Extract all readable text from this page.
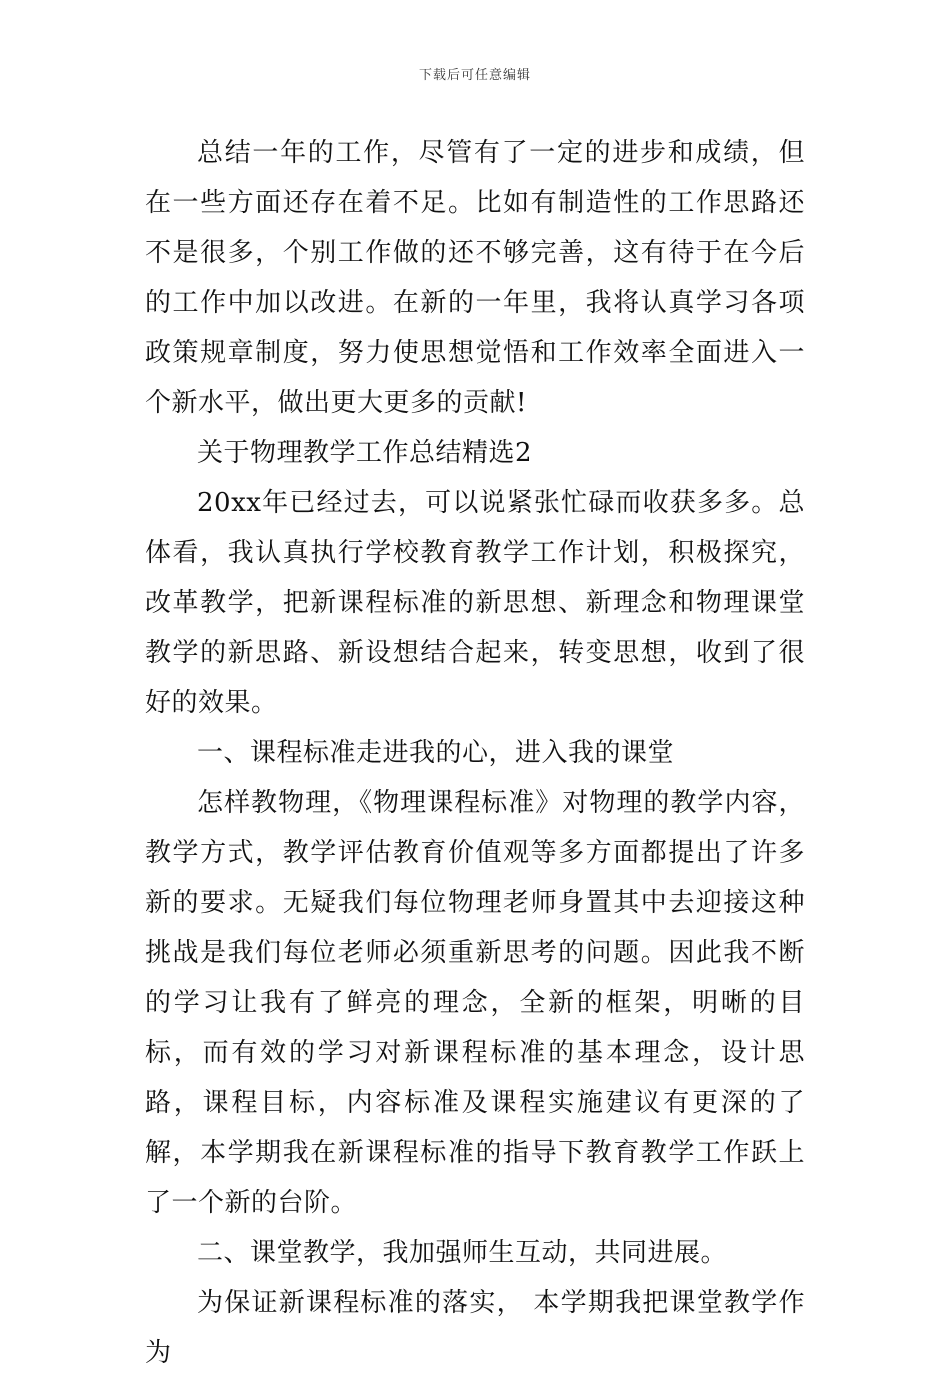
下载后可任意编辑

总结一年的工作，尽管有了一定的进步和成绩，但在一些方面还存在着不足。比如有制造性的工作思路还不是很多，个别工作做的还不够完善，这有待于在今后的工作中加以改进。在新的一年里，我将认真学习各项政策规章制度，努力使思想觉悟和工作效率全面进入一个新水平，做出更大更多的贡献!

关于物理教学工作总结精选2

20xx年已经过去，可以说紧张忙碌而收获多多。总体看，我认真执行学校教育教学工作计划，积极探究，改革教学，把新课程标准的新思想、新理念和物理课堂教学的新思路、新设想结合起来，转变思想，收到了很好的效果。

一、课程标准走进我的心，进入我的课堂

怎样教物理，《物理课程标准》对物理的教学内容，教学方式，教学评估教育价值观等多方面都提出了许多新的要求。无疑我们每位物理老师身置其中去迎接这种挑战是我们每位老师必须重新思考的问题。因此我不断的学习让我有了鲜亮的理念，全新的框架，明晰的目标，而有效的学习对新课程标准的基本理念，设计思路，课程目标，内容标准及课程实施建议有更深的了解，本学期我在新课程标准的指导下教育教学工作跃上了一个新的台阶。

二、课堂教学，我加强师生互动，共同进展。

为保证新课程标准的落实， 本学期我把课堂教学作为
